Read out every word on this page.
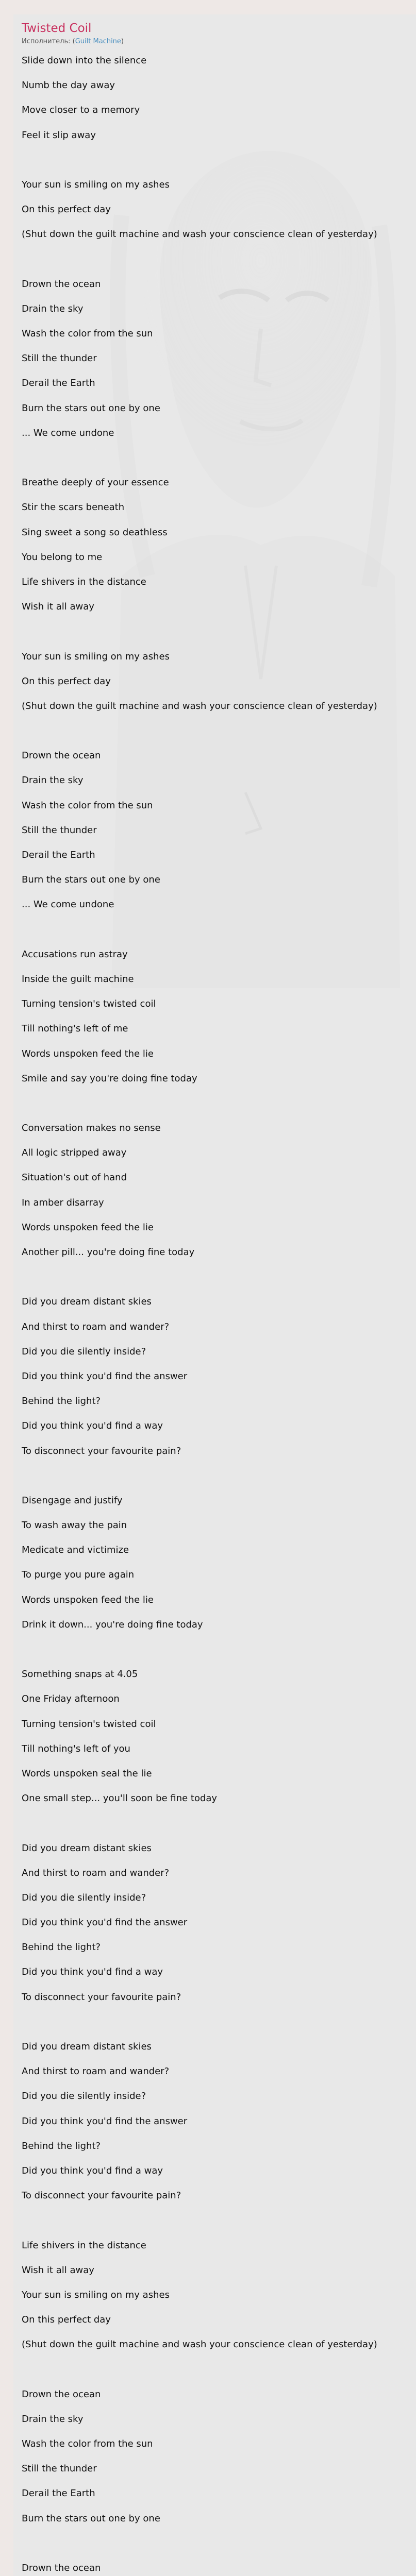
Twisted Coil
Исполнитель: (Guilt Machine)
Slide down into the silence
Numb the day away
Move closer to a memory
Feel it slip away
Your sun is smiling on my ashes
On this perfect day
(Shut down the guilt machine and wash your conscience clean of yesterday)
Drown the ocean
Drain the sky
Wash the color from the sun
Still the thunder
Derail the Earth
Burn the stars out one by one
... We come undone
Breathe deeply of your essence
Stir the scars beneath
Sing sweet a song so deathless
You belong to me
Life shivers in the distance
Wish it all away
Your sun is smiling on my ashes
On this perfect day
(Shut down the guilt machine and wash your conscience clean of yesterday)
Drown the ocean
Drain the sky
Wash the color from the sun
Still the thunder
Derail the Earth
Burn the stars out one by one
... We come undone
Accusations run astray
Inside the guilt machine
Turning tension's twisted coil
Till nothing's left of me
Words unspoken feed the lie
Smile and say you're doing fine today
Conversation makes no sense
All logic stripped away
Situation's out of hand
In amber disarray
Words unspoken feed the lie
Another pill... you're doing fine today
Did you dream distant skies
And thirst to roam and wander?
Did you die silently inside?
Did you think you'd find the answer
Behind the light?
Did you think you'd find a way
To disconnect your favourite pain?
Disengage and justify
To wash away the pain
Medicate and victimize
To purge you pure again
Words unspoken feed the lie
Drink it down... you're doing fine today
Something snaps at 4.05
One Friday afternoon
Turning tension's twisted coil
Till nothing's left of you
Words unspoken seal the lie
One small step... you'll soon be fine today
Did you dream distant skies
And thirst to roam and wander?
Did you die silently inside?
Did you think you'd find the answer
Behind the light?
Did you think you'd find a way
To disconnect your favourite pain?
Did you dream distant skies
And thirst to roam and wander?
Did you die silently inside?
Did you think you'd find the answer
Behind the light?
Did you think you'd find a way
To disconnect your favourite pain?
Life shivers in the distance
Wish it all away
Your sun is smiling on my ashes
On this perfect day
(Shut down the guilt machine and wash your conscience clean of yesterday)
Drown the ocean
Drain the sky
Wash the color from the sun
Still the thunder
Derail the Earth
Burn the stars out one by one
Drown the ocean
